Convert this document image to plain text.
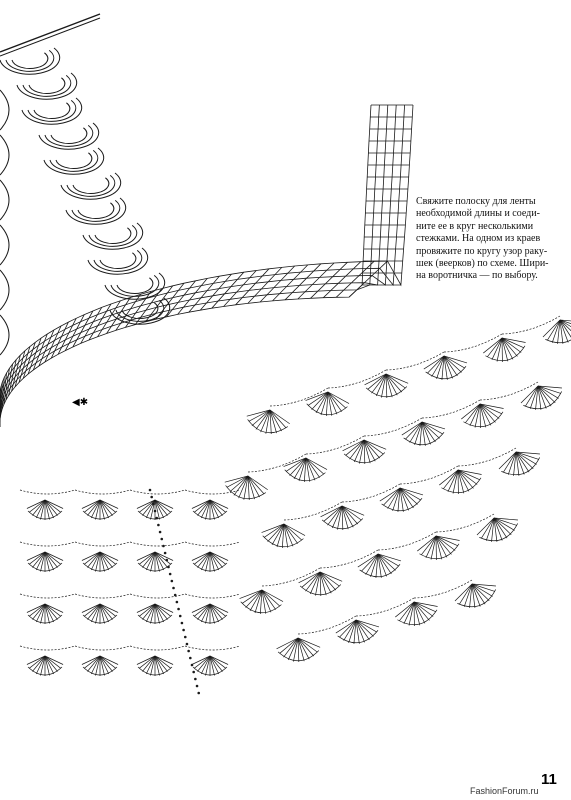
Свяжите полоску для ленты
необходимой длины и соеди-
ните ее в круг несколькими
стежками. На одном из краев
провяжите по кругу узор раку-
шек (веерков) по схеме. Шири-
на воротничка — по выбору.
◀✱
11
FashionForum.ru
